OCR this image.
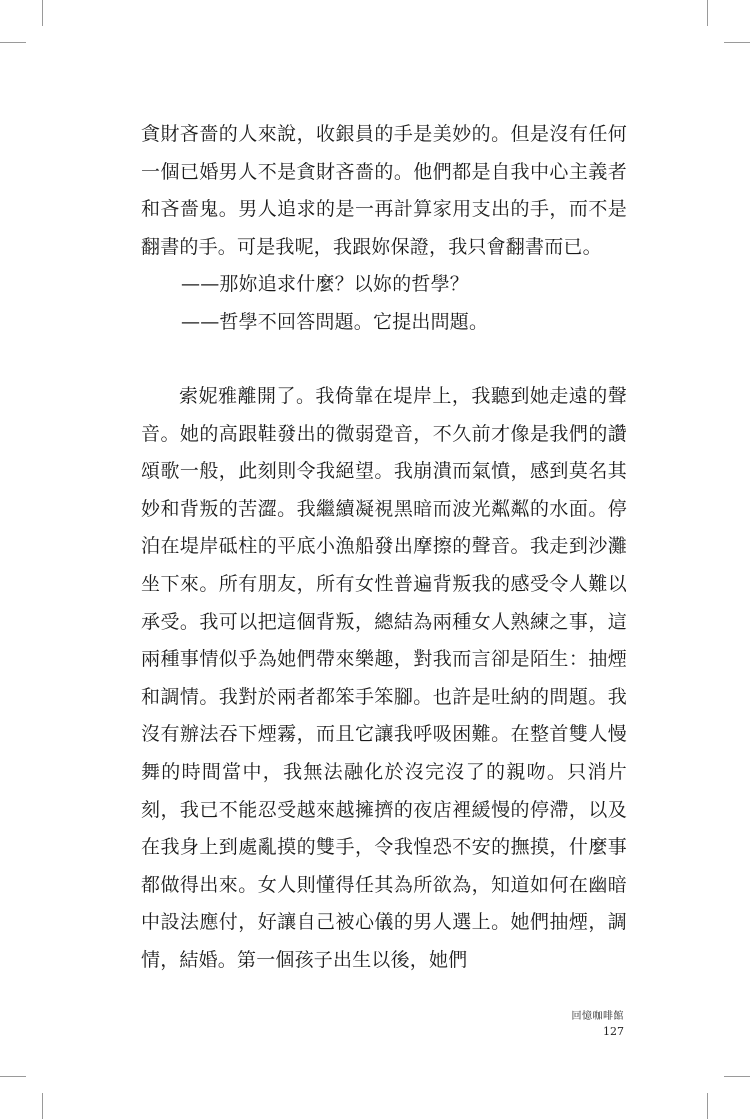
貪財吝嗇的人來說，收銀員的手是美妙的。但是沒有任何一個已婚男人不是貪財吝嗇的。他們都是自我中心主義者和吝嗇鬼。男人追求的是一再計算家用支出的手，而不是翻書的手。可是我呢，我跟妳保證，我只會翻書而已。

——那妳追求什麼？以妳的哲學？

——哲學不回答問題。它提出問題。

索妮雅離開了。我倚靠在堤岸上，我聽到她走遠的聲音。她的高跟鞋發出的微弱跫音，不久前才像是我們的讚頌歌一般，此刻則令我絕望。我崩潰而氣憤，感到莫名其妙和背叛的苦澀。我繼續凝視黑暗而波光粼粼的水面。停泊在堤岸砥柱的平底小漁船發出摩擦的聲音。我走到沙灘坐下來。所有朋友，所有女性普遍背叛我的感受令人難以承受。我可以把這個背叛，總結為兩種女人熟練之事，這兩種事情似乎為她們帶來樂趣，對我而言卻是陌生：抽煙和調情。我對於兩者都笨手笨腳。也許是吐納的問題。我沒有辦法吞下煙霧，而且它讓我呼吸困難。在整首雙人慢舞的時間當中，我無法融化於沒完沒了的親吻。只消片刻，我已不能忍受越來越擁擠的夜店裡緩慢的停滯，以及在我身上到處亂摸的雙手，令我惶恐不安的撫摸，什麼事都做得出來。女人則懂得任其為所欲為，知道如何在幽暗中設法應付，好讓自己被心儀的男人選上。她們抽煙，調情，結婚。第一個孩子出生以後，她們

回憶咖啡館
127
